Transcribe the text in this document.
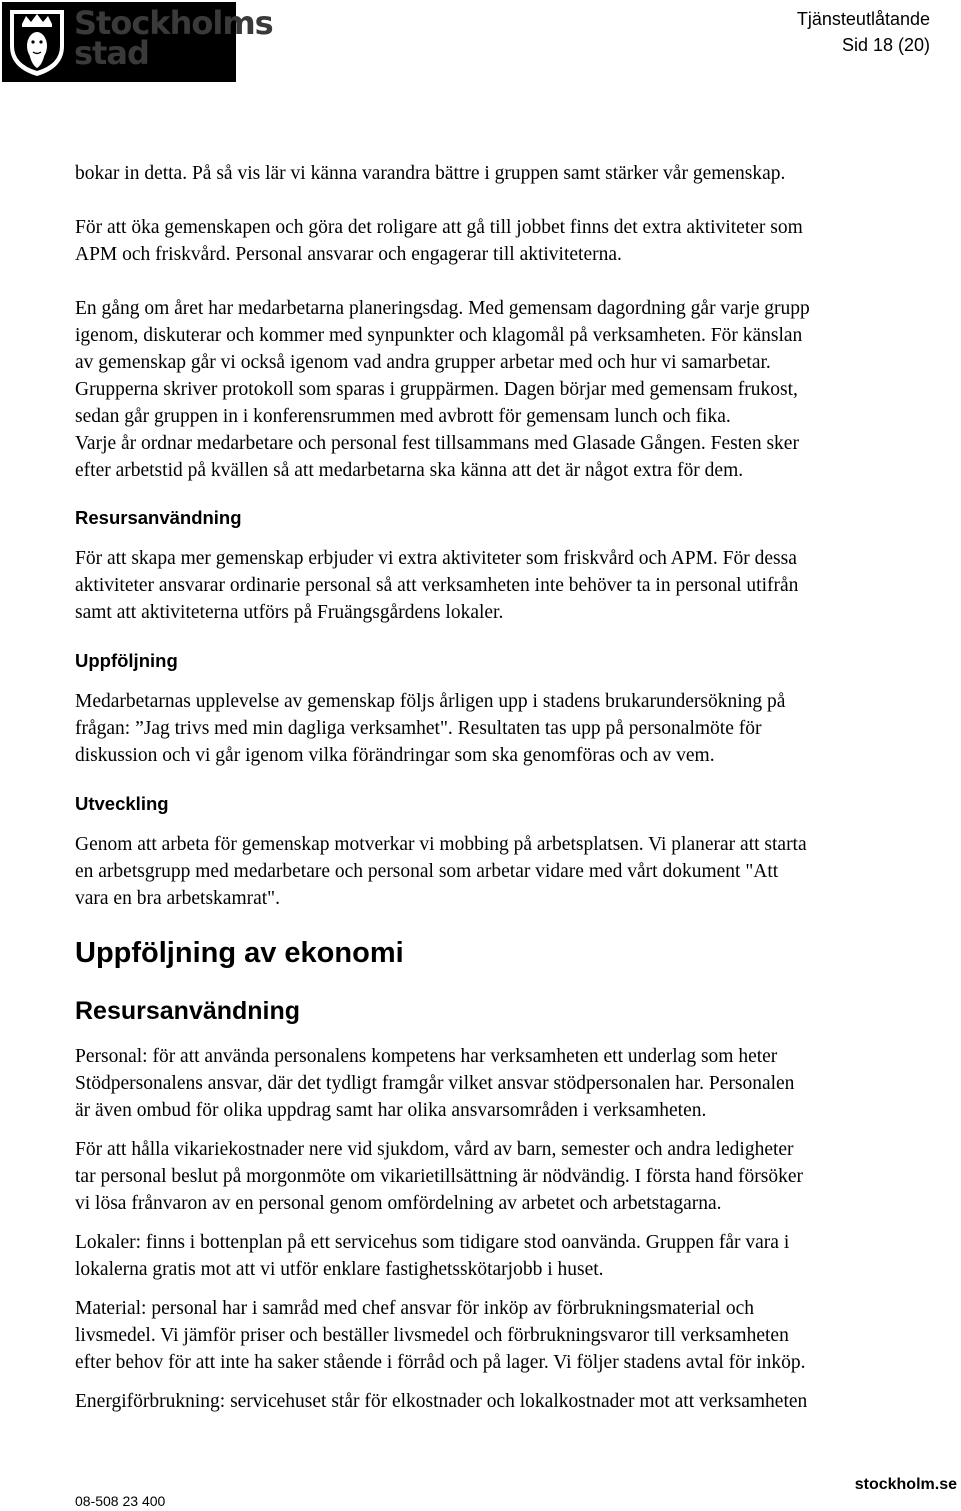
Stockholms
stad
Tjänsteutlåtande
Sid 18 (20)

bokar in detta. På så vis lär vi känna varandra bättre i gruppen samt stärker vår gemenskap.

För att öka gemenskapen och göra det roligare att gå till jobbet finns det extra aktiviteter som

APM och friskvård. Personal ansvarar och engagerar till aktiviteterna.

En gång om året har medarbetarna planeringsdag. Med gemensam dagordning går varje grupp

igenom, diskuterar och kommer med synpunkter och klagomål på verksamheten. För känslan

av gemenskap går vi också igenom vad andra grupper arbetar med och hur vi samarbetar.

Grupperna skriver protokoll som sparas i gruppärmen. Dagen börjar med gemensam frukost,

sedan går gruppen in i konferensrummen med avbrott för gemensam lunch och fika.

Varje år ordnar medarbetare och personal fest tillsammans med Glasade Gången. Festen sker

efter arbetstid på kvällen så att medarbetarna ska känna att det är något extra för dem.

Resursanvändning

För att skapa mer gemenskap erbjuder vi extra aktiviteter som friskvård och APM. För dessa

aktiviteter ansvarar ordinarie personal så att verksamheten inte behöver ta in personal utifrån

samt att aktiviteterna utförs på Fruängsgårdens lokaler.

Uppföljning

Medarbetarnas upplevelse av gemenskap följs årligen upp i stadens brukarundersökning på

frågan: ”Jag trivs med min dagliga verksamhet". Resultaten tas upp på personalmöte för

diskussion och vi går igenom vilka förändringar som ska genomföras och av vem.

Utveckling

Genom att arbeta för gemenskap motverkar vi mobbing på arbetsplatsen. Vi planerar att starta

en arbetsgrupp med medarbetare och personal som arbetar vidare med vårt dokument "Att

vara en bra arbetskamrat".

Uppföljning av ekonomi
Resursanvändning

Personal: för att använda personalens kompetens har verksamheten ett underlag som heter

Stödpersonalens ansvar, där det tydligt framgår vilket ansvar stödpersonalen har. Personalen

är även ombud för olika uppdrag samt har olika ansvarsområden i verksamheten.

För att hålla vikariekostnader nere vid sjukdom, vård av barn, semester och andra ledigheter

tar personal beslut på morgonmöte om vikarietillsättning är nödvändig. I första hand försöker

vi lösa frånvaron av en personal genom omfördelning av arbetet och arbetstagarna.

Lokaler: finns i bottenplan på ett servicehus som tidigare stod oanvända. Gruppen får vara i

lokalerna gratis mot att vi utför enklare fastighetsskötarjobb i huset.

Material: personal har i samråd med chef ansvar för inköp av förbrukningsmaterial och

livsmedel. Vi jämför priser och beställer livsmedel och förbrukningsvaror till verksamheten

efter behov för att inte ha saker stående i förråd och på lager. Vi följer stadens avtal för inköp.

Energiförbrukning: servicehuset står för elkostnader och lokalkostnader mot att verksamheten

stockholm.se
08-508 23 400
